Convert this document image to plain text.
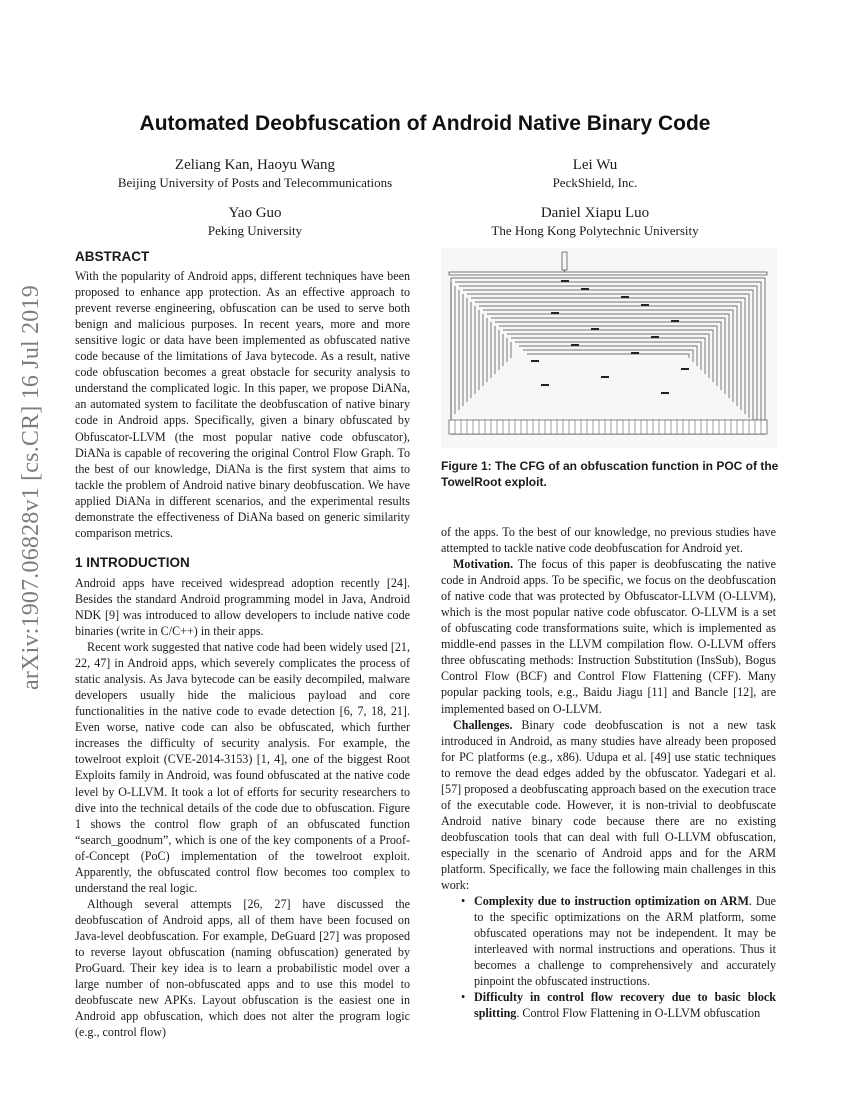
arXiv:1907.06828v1 [cs.CR] 16 Jul 2019
Automated Deobfuscation of Android Native Binary Code
Zeliang Kan, Haoyu Wang
Beijing University of Posts and Telecommunications
Lei Wu
PeckShield, Inc.
Yao Guo
Peking University
Daniel Xiapu Luo
The Hong Kong Polytechnic University
ABSTRACT

With the popularity of Android apps, different techniques have been proposed to enhance app protection. As an effective approach to prevent reverse engineering, obfuscation can be used to serve both benign and malicious purposes. In recent years, more and more sensitive logic or data have been implemented as obfuscated native code because of the limitations of Java bytecode. As a result, native code obfuscation becomes a great obstacle for security analysis to understand the complicated logic. In this paper, we propose DiANa, an automated system to facilitate the deobfuscation of native binary code in Android apps. Specifically, given a binary obfuscated by Obfuscator-LLVM (the most popular native code obfuscator), DiANa is capable of recovering the original Control Flow Graph. To the best of our knowledge, DiANa is the first system that aims to tackle the problem of Android native binary deobfuscation. We have applied DiANa in different scenarios, and the experimental results demonstrate the effectiveness of DiANa based on generic similarity comparison metrics.

1 INTRODUCTION

Android apps have received widespread adoption recently [24]. Besides the standard Android programming model in Java, Android NDK [9] was introduced to allow developers to include native code binaries (write in C/C++) in their apps.

Recent work suggested that native code had been widely used [21, 22, 47] in Android apps, which severely complicates the process of static analysis. As Java bytecode can be easily decompiled, malware developers usually hide the malicious payload and core functionalities in the native code to evade detection [6, 7, 18, 21]. Even worse, native code can also be obfuscated, which further increases the difficulty of security analysis. For example, the towelroot exploit (CVE-2014-3153) [1, 4], one of the biggest Root Exploits family in Android, was found obfuscated at the native code level by O-LLVM. It took a lot of efforts for security researchers to dive into the technical details of the code due to obfuscation. Figure 1 shows the control flow graph of an obfuscated function “search_goodnum”, which is one of the key components of a Proof-of-Concept (PoC) implementation of the towelroot exploit. Apparently, the obfuscated control flow becomes too complex to understand the real logic.

Although several attempts [26, 27] have discussed the deobfuscation of Android apps, all of them have been focused on Java-level deobfuscation. For example, DeGuard [27] was proposed to reverse layout obfuscation (naming obfuscation) generated by ProGuard. Their key idea is to learn a probabilistic model over a large number of non-obfuscated apps and to use this model to deobfuscate new APKs. Layout obfuscation is the easiest one in Android app obfuscation, which does not alter the program logic (e.g., control flow)

Figure 1: The CFG of an obfuscation function in POC of the TowelRoot exploit.

of the apps. To the best of our knowledge, no previous studies have attempted to tackle native code deobfuscation for Android yet.

Motivation. The focus of this paper is deobfuscating the native code in Android apps. To be specific, we focus on the deobfuscation of native code that was protected by Obfuscator-LLVM (O-LLVM), which is the most popular native code obfuscator. O-LLVM is a set of obfuscating code transformations suite, which is implemented as middle-end passes in the LLVM compilation flow. O-LLVM offers three obfuscating methods: Instruction Substitution (InsSub), Bogus Control Flow (BCF) and Control Flow Flattening (CFF). Many popular packing tools, e.g., Baidu Jiagu [11] and Bancle [12], are implemented based on O-LLVM.

Challenges. Binary code deobfuscation is not a new task introduced in Android, as many studies have already been proposed for PC platforms (e.g., x86). Udupa et al. [49] use static techniques to remove the dead edges added by the obfuscator. Yadegari et al. [57] proposed a deobfuscating approach based on the execution trace of the executable code. However, it is non-trivial to deobfuscate Android native binary code because there are no existing deobfuscation tools that can deal with full O-LLVM obfuscation, especially in the scenario of Android apps and for the ARM platform. Specifically, we face the following main challenges in this work:

• Complexity due to instruction optimization on ARM. Due to the specific optimizations on the ARM platform, some obfuscated operations may not be independent. It may be interleaved with normal instructions and operations. Thus it becomes a challenge to comprehensively and accurately pinpoint the obfuscated instructions.
• Difficulty in control flow recovery due to basic block splitting. Control Flow Flattening in O-LLVM obfuscation
